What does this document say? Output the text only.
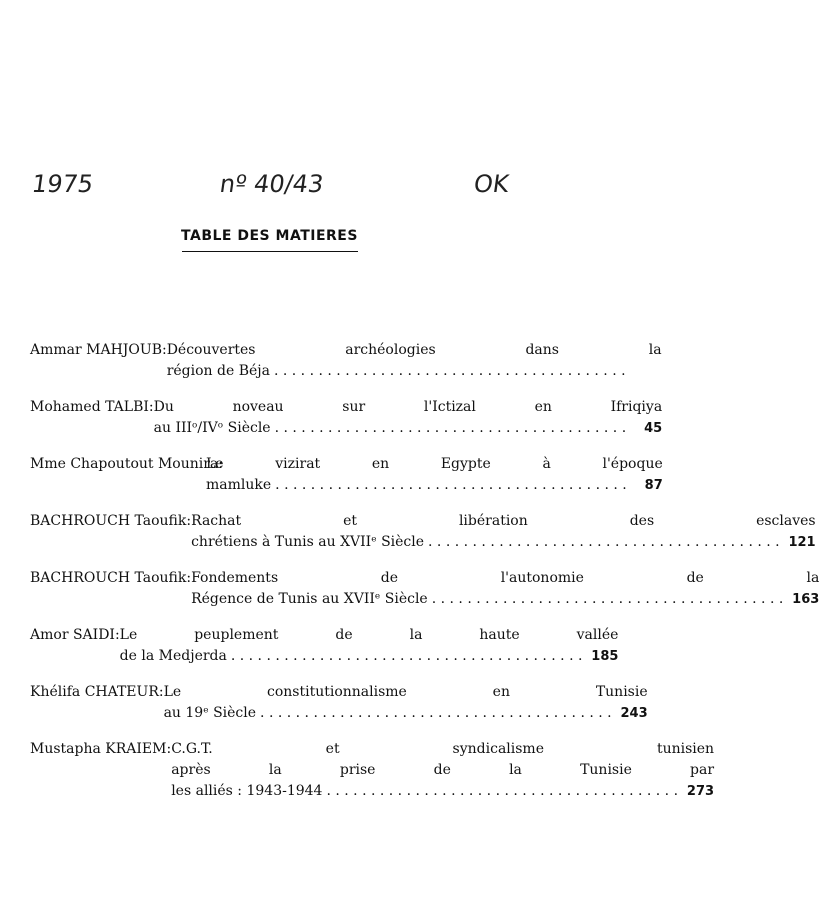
1975	nº 40/43	OK
TABLE DES MATIERES
Ammar MAHJOUB : Découvertes archéologies dans la
région de Béja
. . .
Mohamed TALBI : Du noveau sur l'Ictizal en Ifriqiya
au IIIᵒ/IVᵒ Siècle . . .	45
Mme Chapoutout Mounira:
Le vizirat en Egypte à l'époque
mamluke . . .	87
BACHROUCH Taoufik : Rachat et libération des esclaves
chrétiens à Tunis au XVIIᵉ Siècle . . .	121
BACHROUCH Taoufik : Fondements de l'autonomie de la
Régence de Tunis au XVIIᵉ Siècle . . .	163
Amor SAIDI : Le peuplement de la haute vallée
de la Medjerda . . .	185
Khélifa CHATEUR : Le constitutionnalisme en Tunisie
au 19ᵉ Siècle . . .	243
Mustapha KRAIEM : C.G.T. et syndicalisme tunisien
après la prise de la Tunisie par
les alliés : 1943-1944 . . .	273
